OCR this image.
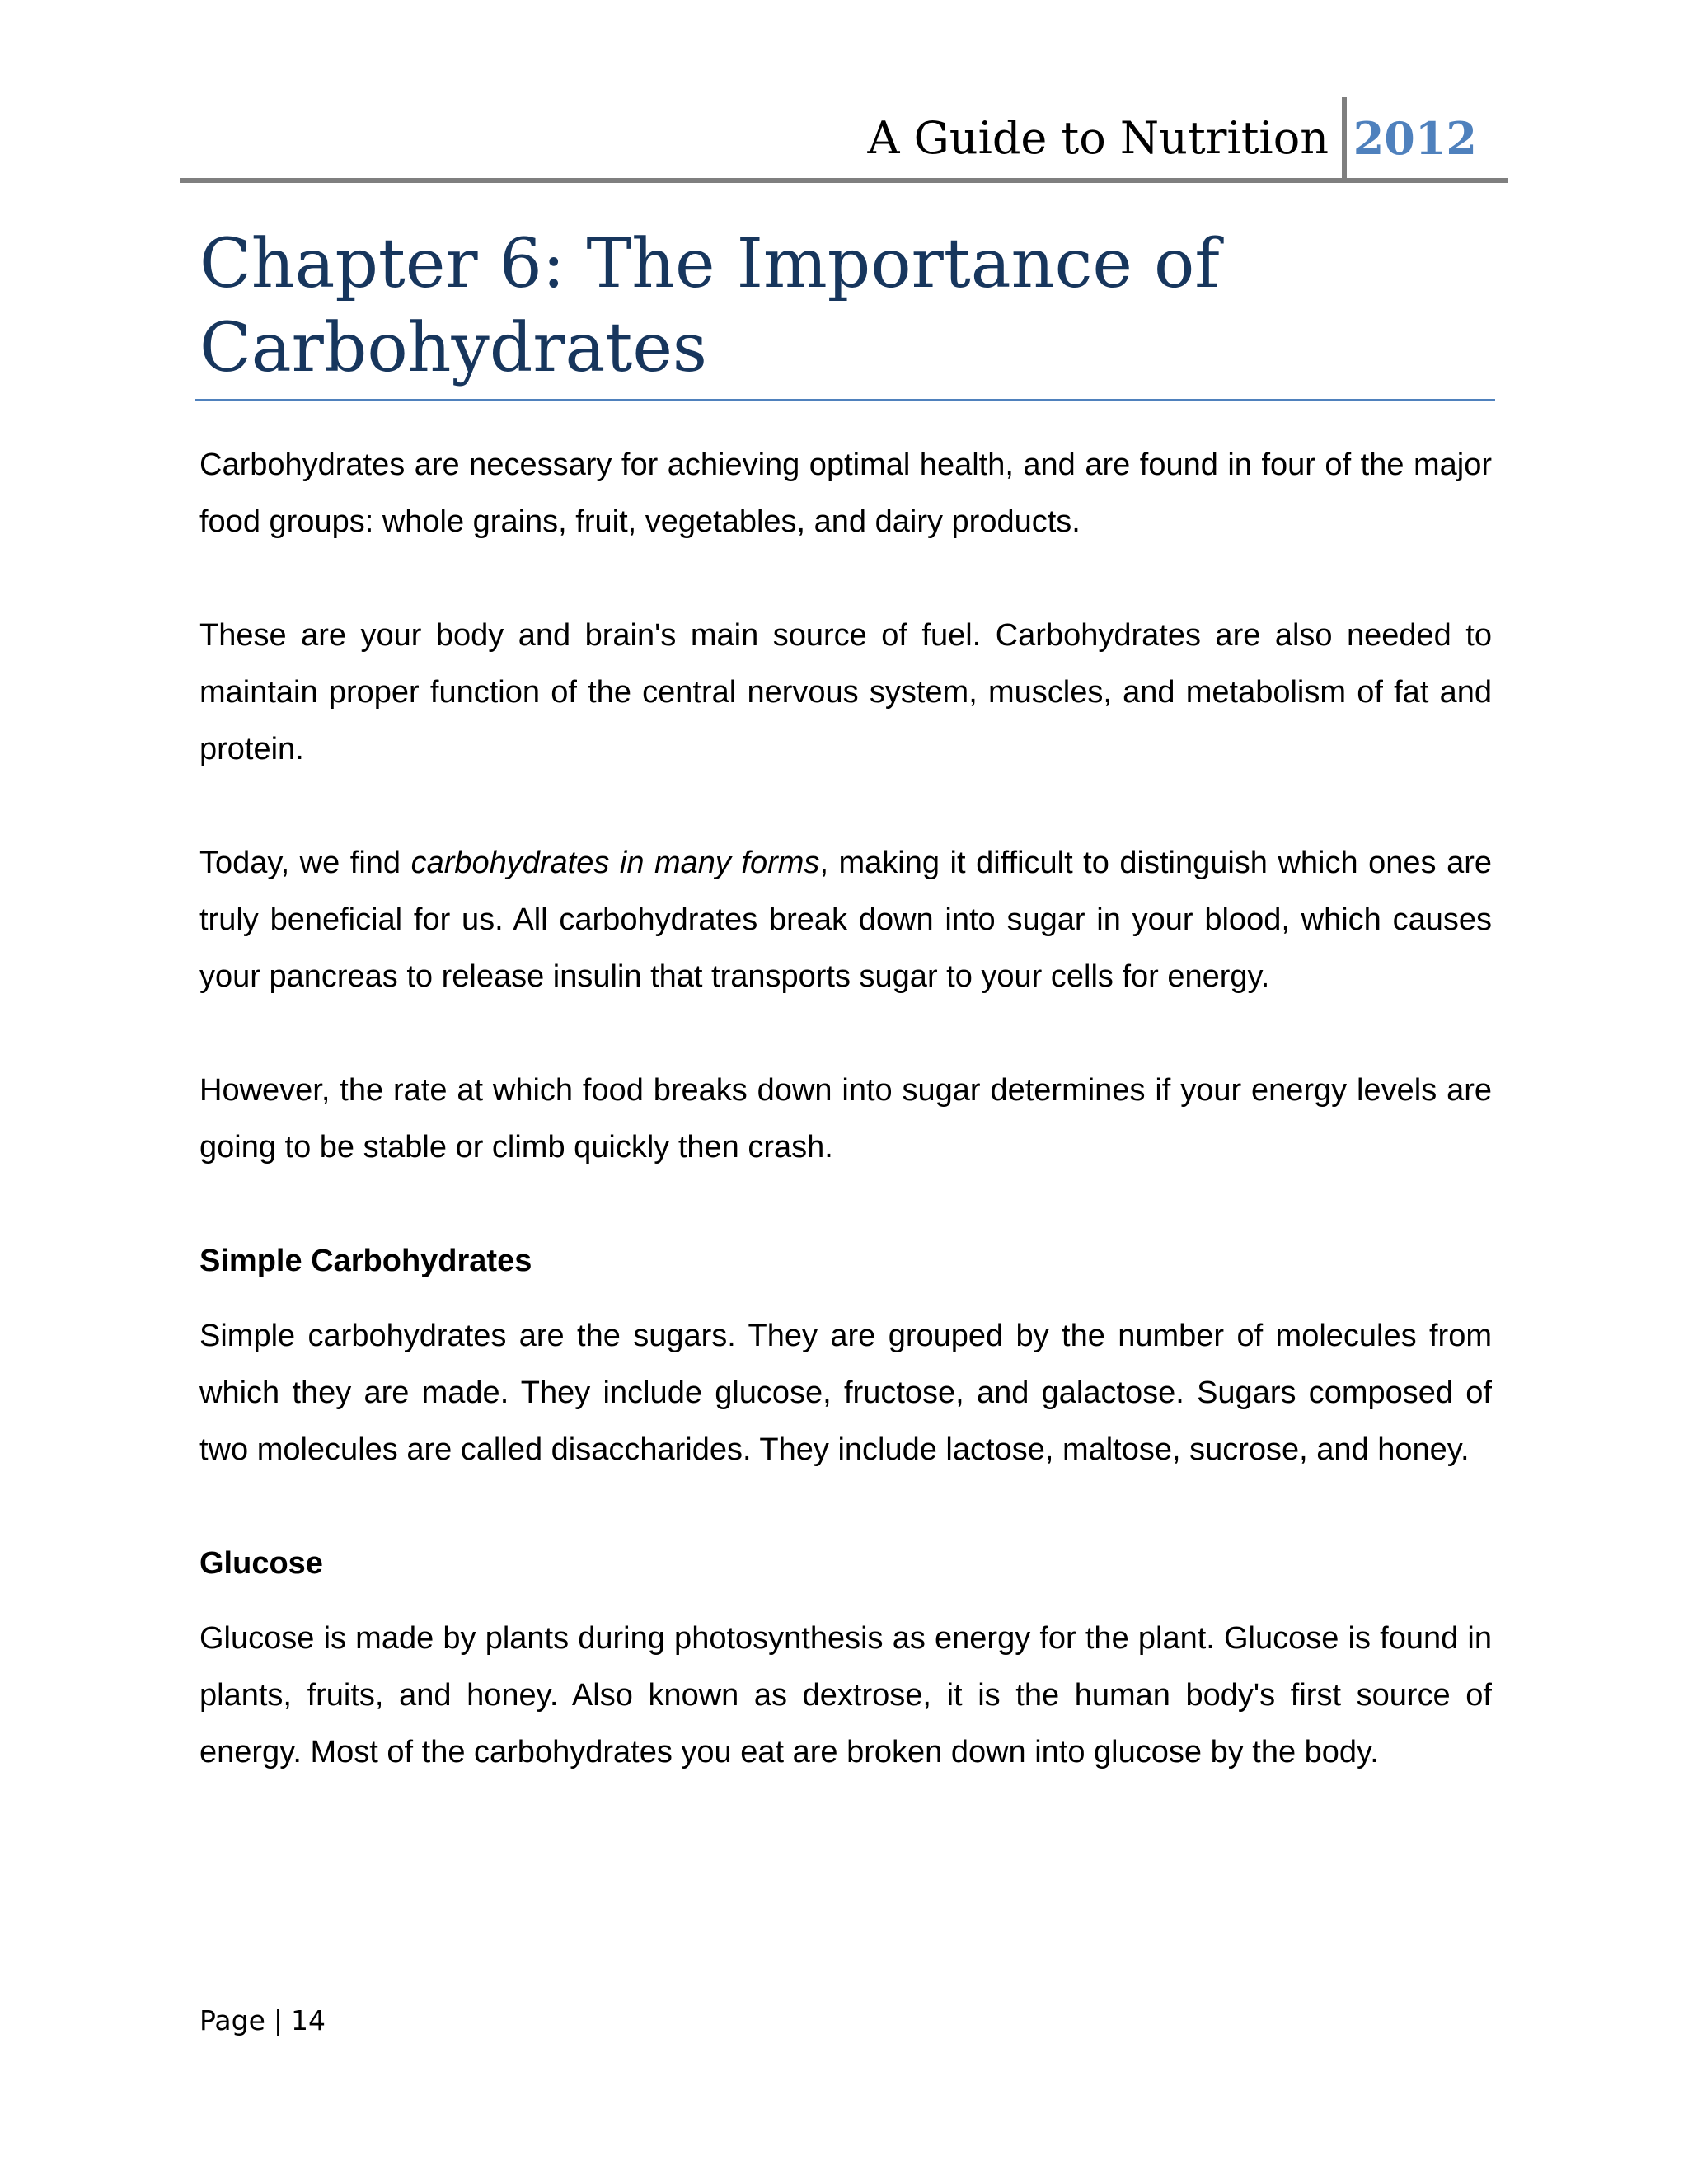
A Guide to Nutrition 2012
Chapter 6: The Importance of Carbohydrates

Carbohydrates are necessary for achieving optimal health, and are found in four of the major food groups: whole grains, fruit, vegetables, and dairy products.

These are your body and brain's main source of fuel. Carbohydrates are also needed to maintain proper function of the central nervous system, muscles, and metabolism of fat and protein.

Today, we find carbohydrates in many forms, making it difficult to distinguish which ones are truly beneficial for us. All carbohydrates break down into sugar in your blood, which causes your pancreas to release insulin that transports sugar to your cells for energy.

However, the rate at which food breaks down into sugar determines if your energy levels are going to be stable or climb quickly then crash.

Simple Carbohydrates

Simple carbohydrates are the sugars. They are grouped by the number of molecules from which they are made. They include glucose, fructose, and galactose. Sugars composed of two molecules are called disaccharides. They include lactose, maltose, sucrose, and honey.

Glucose

Glucose is made by plants during photosynthesis as energy for the plant. Glucose is found in plants, fruits, and honey. Also known as dextrose, it is the human body's first source of energy. Most of the carbohydrates you eat are broken down into glucose by the body.

Page | 14
